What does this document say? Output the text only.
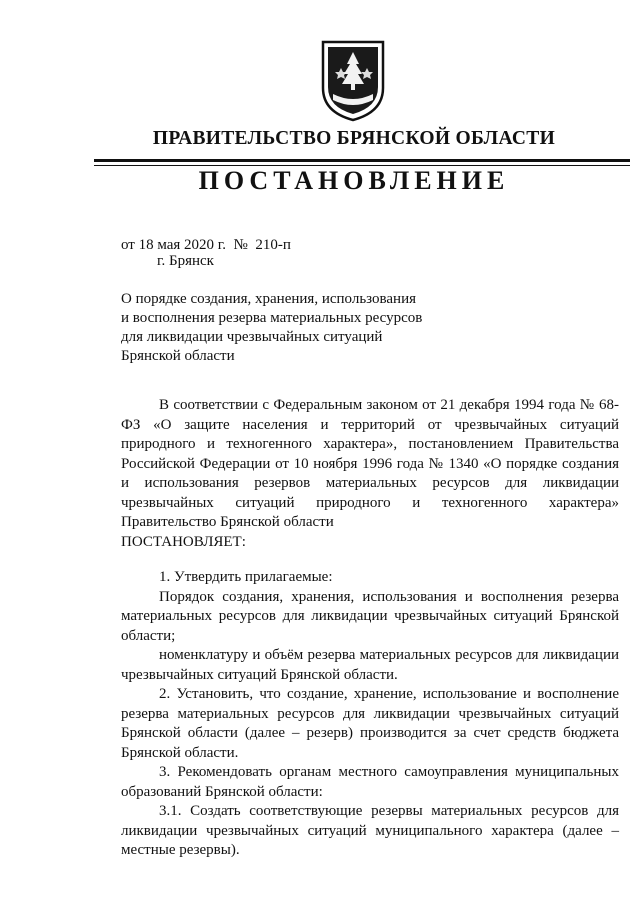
ПРАВИТЕЛЬСТВО БРЯНСКОЙ ОБЛАСТИ
ПОСТАНОВЛЕНИЕ
от 18 мая 2020 г.  №  210-п
г. Брянск
О порядке создания, хранения, использования и восполнения резерва материальных ресурсов для ликвидации чрезвычайных ситуаций Брянской области

В соответствии с Федеральным законом от 21 декабря 1994 года № 68-ФЗ «О защите населения и территорий от чрезвычайных ситуаций природного и техногенного характера», постановлением Правительства Российской Федерации от 10 ноября 1996 года № 1340 «О порядке создания и использования резервов материальных ресурсов для ликвидации чрезвычайных ситуаций природного и техногенного характера» Правительство Брянской области

ПОСТАНОВЛЯЕТ:

1. Утвердить прилагаемые:

Порядок создания, хранения, использования и восполнения резерва материальных ресурсов для ликвидации чрезвычайных ситуаций Брянской области;

номенклатуру и объём резерва материальных ресурсов для ликвидации чрезвычайных ситуаций Брянской области.

2. Установить, что создание, хранение, использование и восполнение резерва материальных ресурсов для ликвидации чрезвычайных ситуаций Брянской области (далее – резерв) производится за счет средств бюджета Брянской области.

3. Рекомендовать органам местного самоуправления муниципальных образований Брянской области:

3.1. Создать соответствующие резервы материальных ресурсов для ликвидации чрезвычайных ситуаций муниципального характера (далее – местные резервы).
